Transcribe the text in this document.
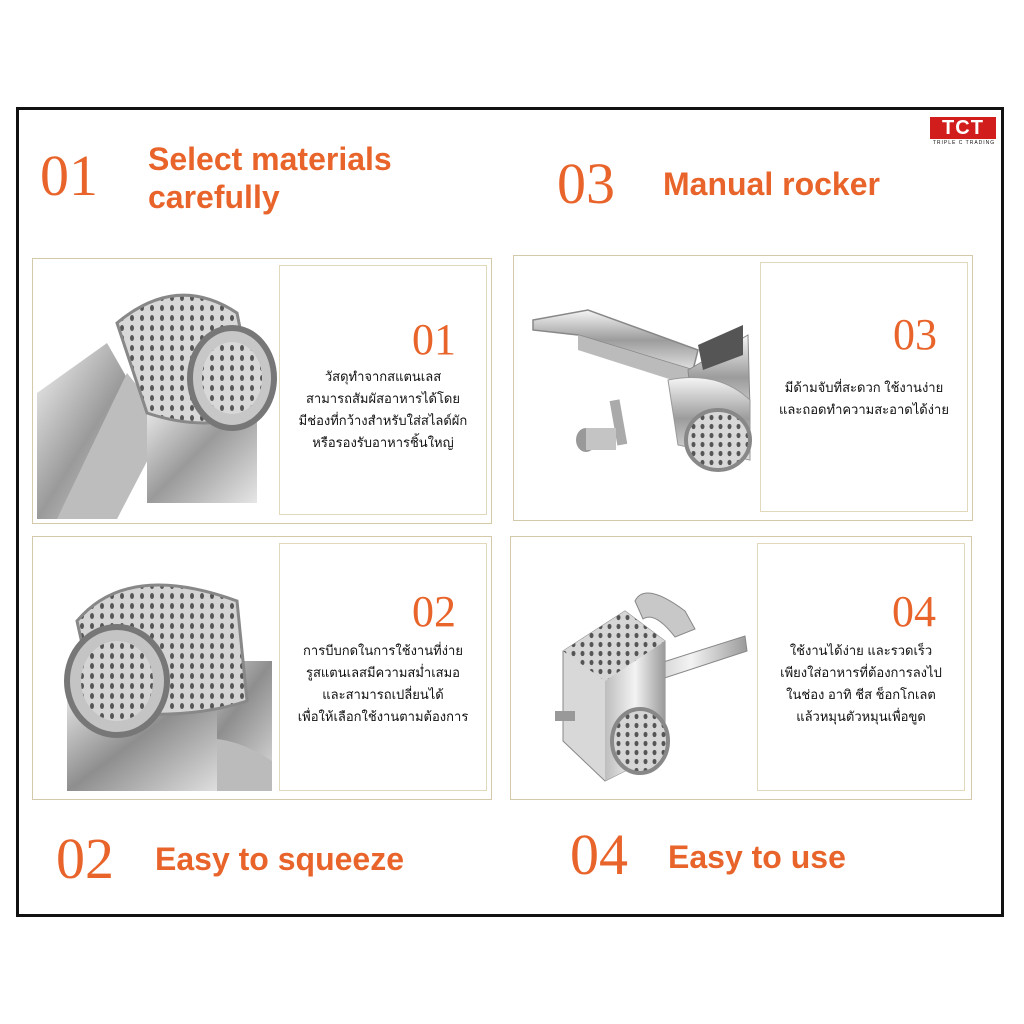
TCT
TRIPLE C TRADING
01 Select materials
carefully	03 Manual rocker
01
วัสดุทำจากสแตนเลส
สามารถสัมผัสอาหารได้โดย
มีช่องที่กว้างสำหรับใส่สไลด์ผัก
หรือรองรับอาหารชิ้นใหญ่
03
มีด้ามจับที่สะดวก ใช้งานง่าย
และถอดทำความสะอาดได้ง่าย
02
การบีบกดในการใช้งานที่ง่าย
รูสแตนเลสมีความสม่ำเสมอ
และสามารถเปลี่ยนได้
เพื่อให้เลือกใช้งานตามต้องการ
04
ใช้งานได้ง่าย และรวดเร็ว
เพียงใส่อาหารที่ต้องการลงไป
ในช่อง อาทิ ชีส ช็อกโกเลต
แล้วหมุนตัวหมุนเพื่อขูด
02 Easy to squeeze	04 Easy to use
